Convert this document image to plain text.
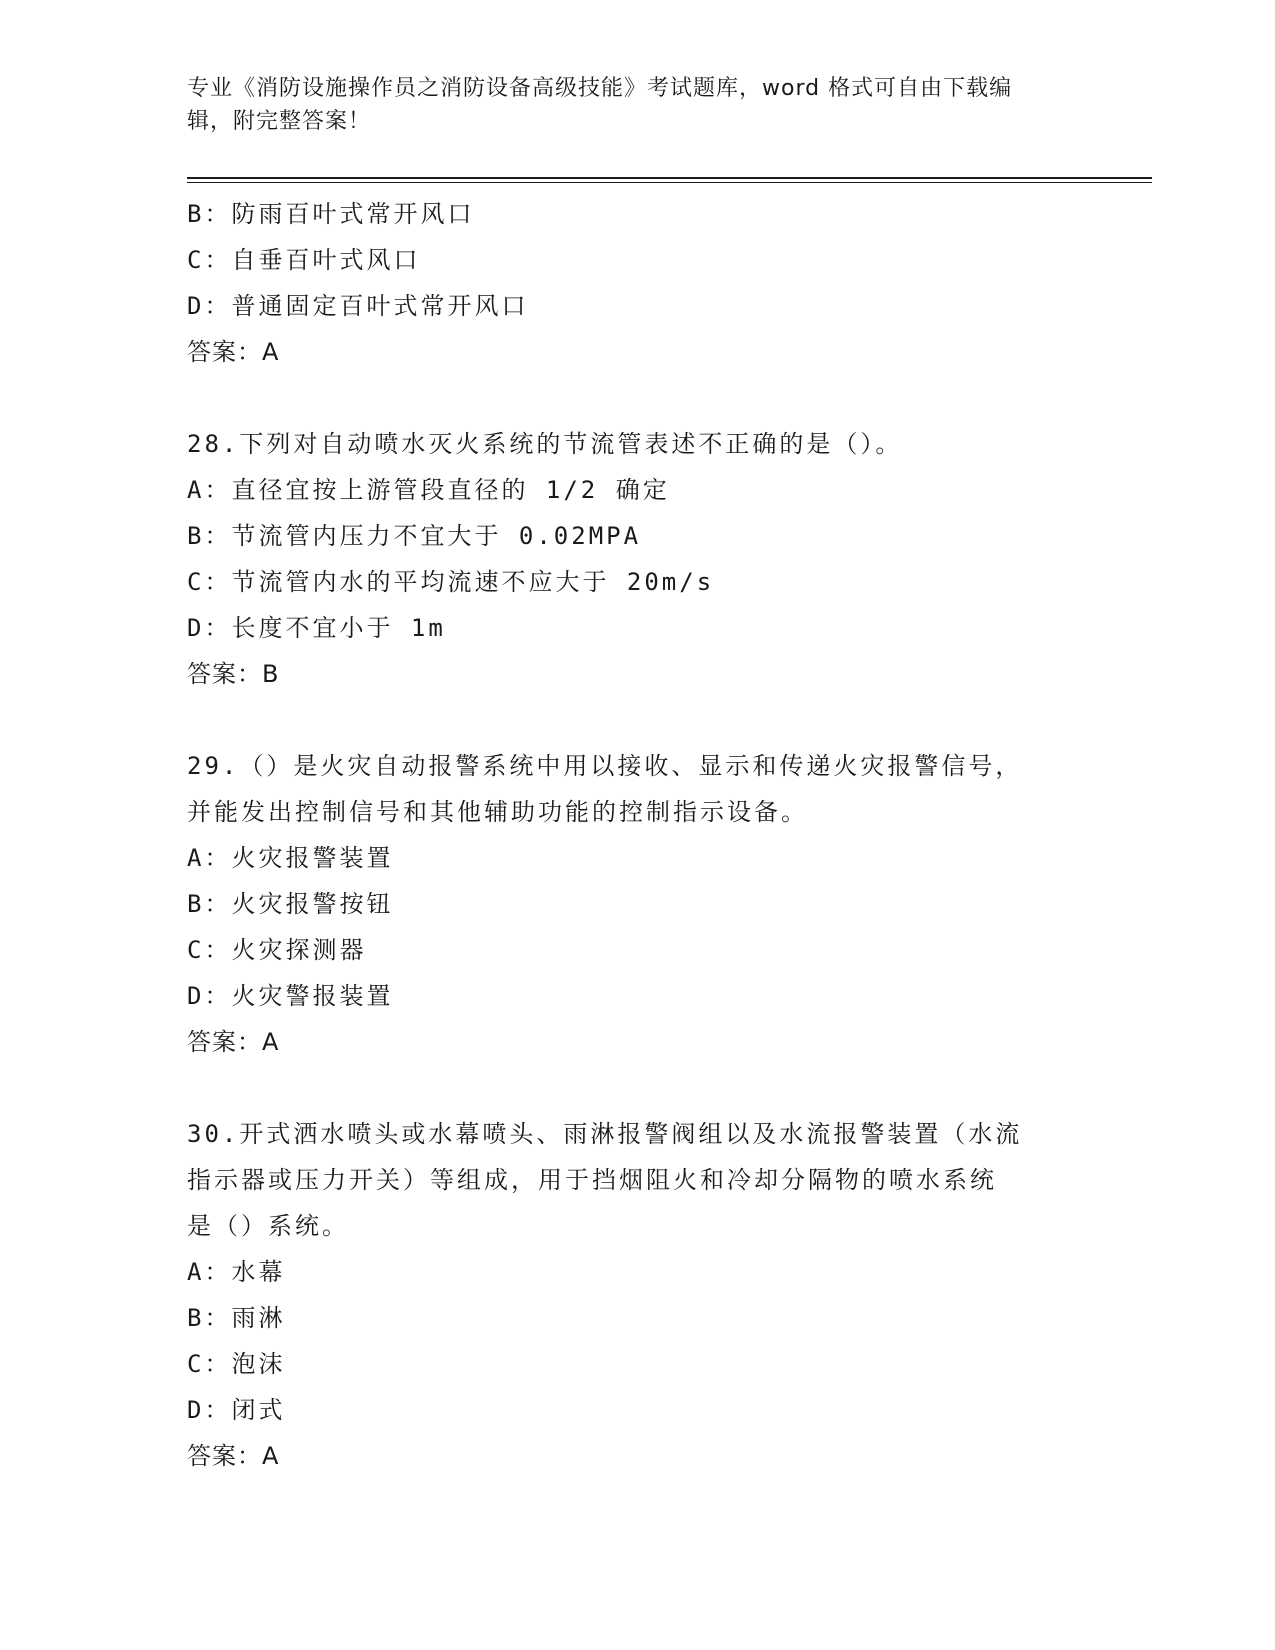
专业《消防设施操作员之消防设备高级技能》考试题库，word 格式可自由下载编
辑，附完整答案！
B：防雨百叶式常开风口
C：自垂百叶式风口
D：普通固定百叶式常开风口
答案：A
28.下列对自动喷水灭火系统的节流管表述不正确的是（）。
A：直径宜按上游管段直径的 1/2 确定
B：节流管内压力不宜大于 0.02MPA
C：节流管内水的平均流速不应大于 20m/s
D：长度不宜小于 1m
答案：B
29.（）是火灾自动报警系统中用以接收、显示和传递火灾报警信号，
并能发出控制信号和其他辅助功能的控制指示设备。
A：火灾报警装置
B：火灾报警按钮
C：火灾探测器
D：火灾警报装置
答案：A
30.开式洒水喷头或水幕喷头、雨淋报警阀组以及水流报警装置（水流
指示器或压力开关）等组成，用于挡烟阻火和冷却分隔物的喷水系统
是（）系统。
A：水幕
B：雨淋
C：泡沫
D：闭式
答案：A
